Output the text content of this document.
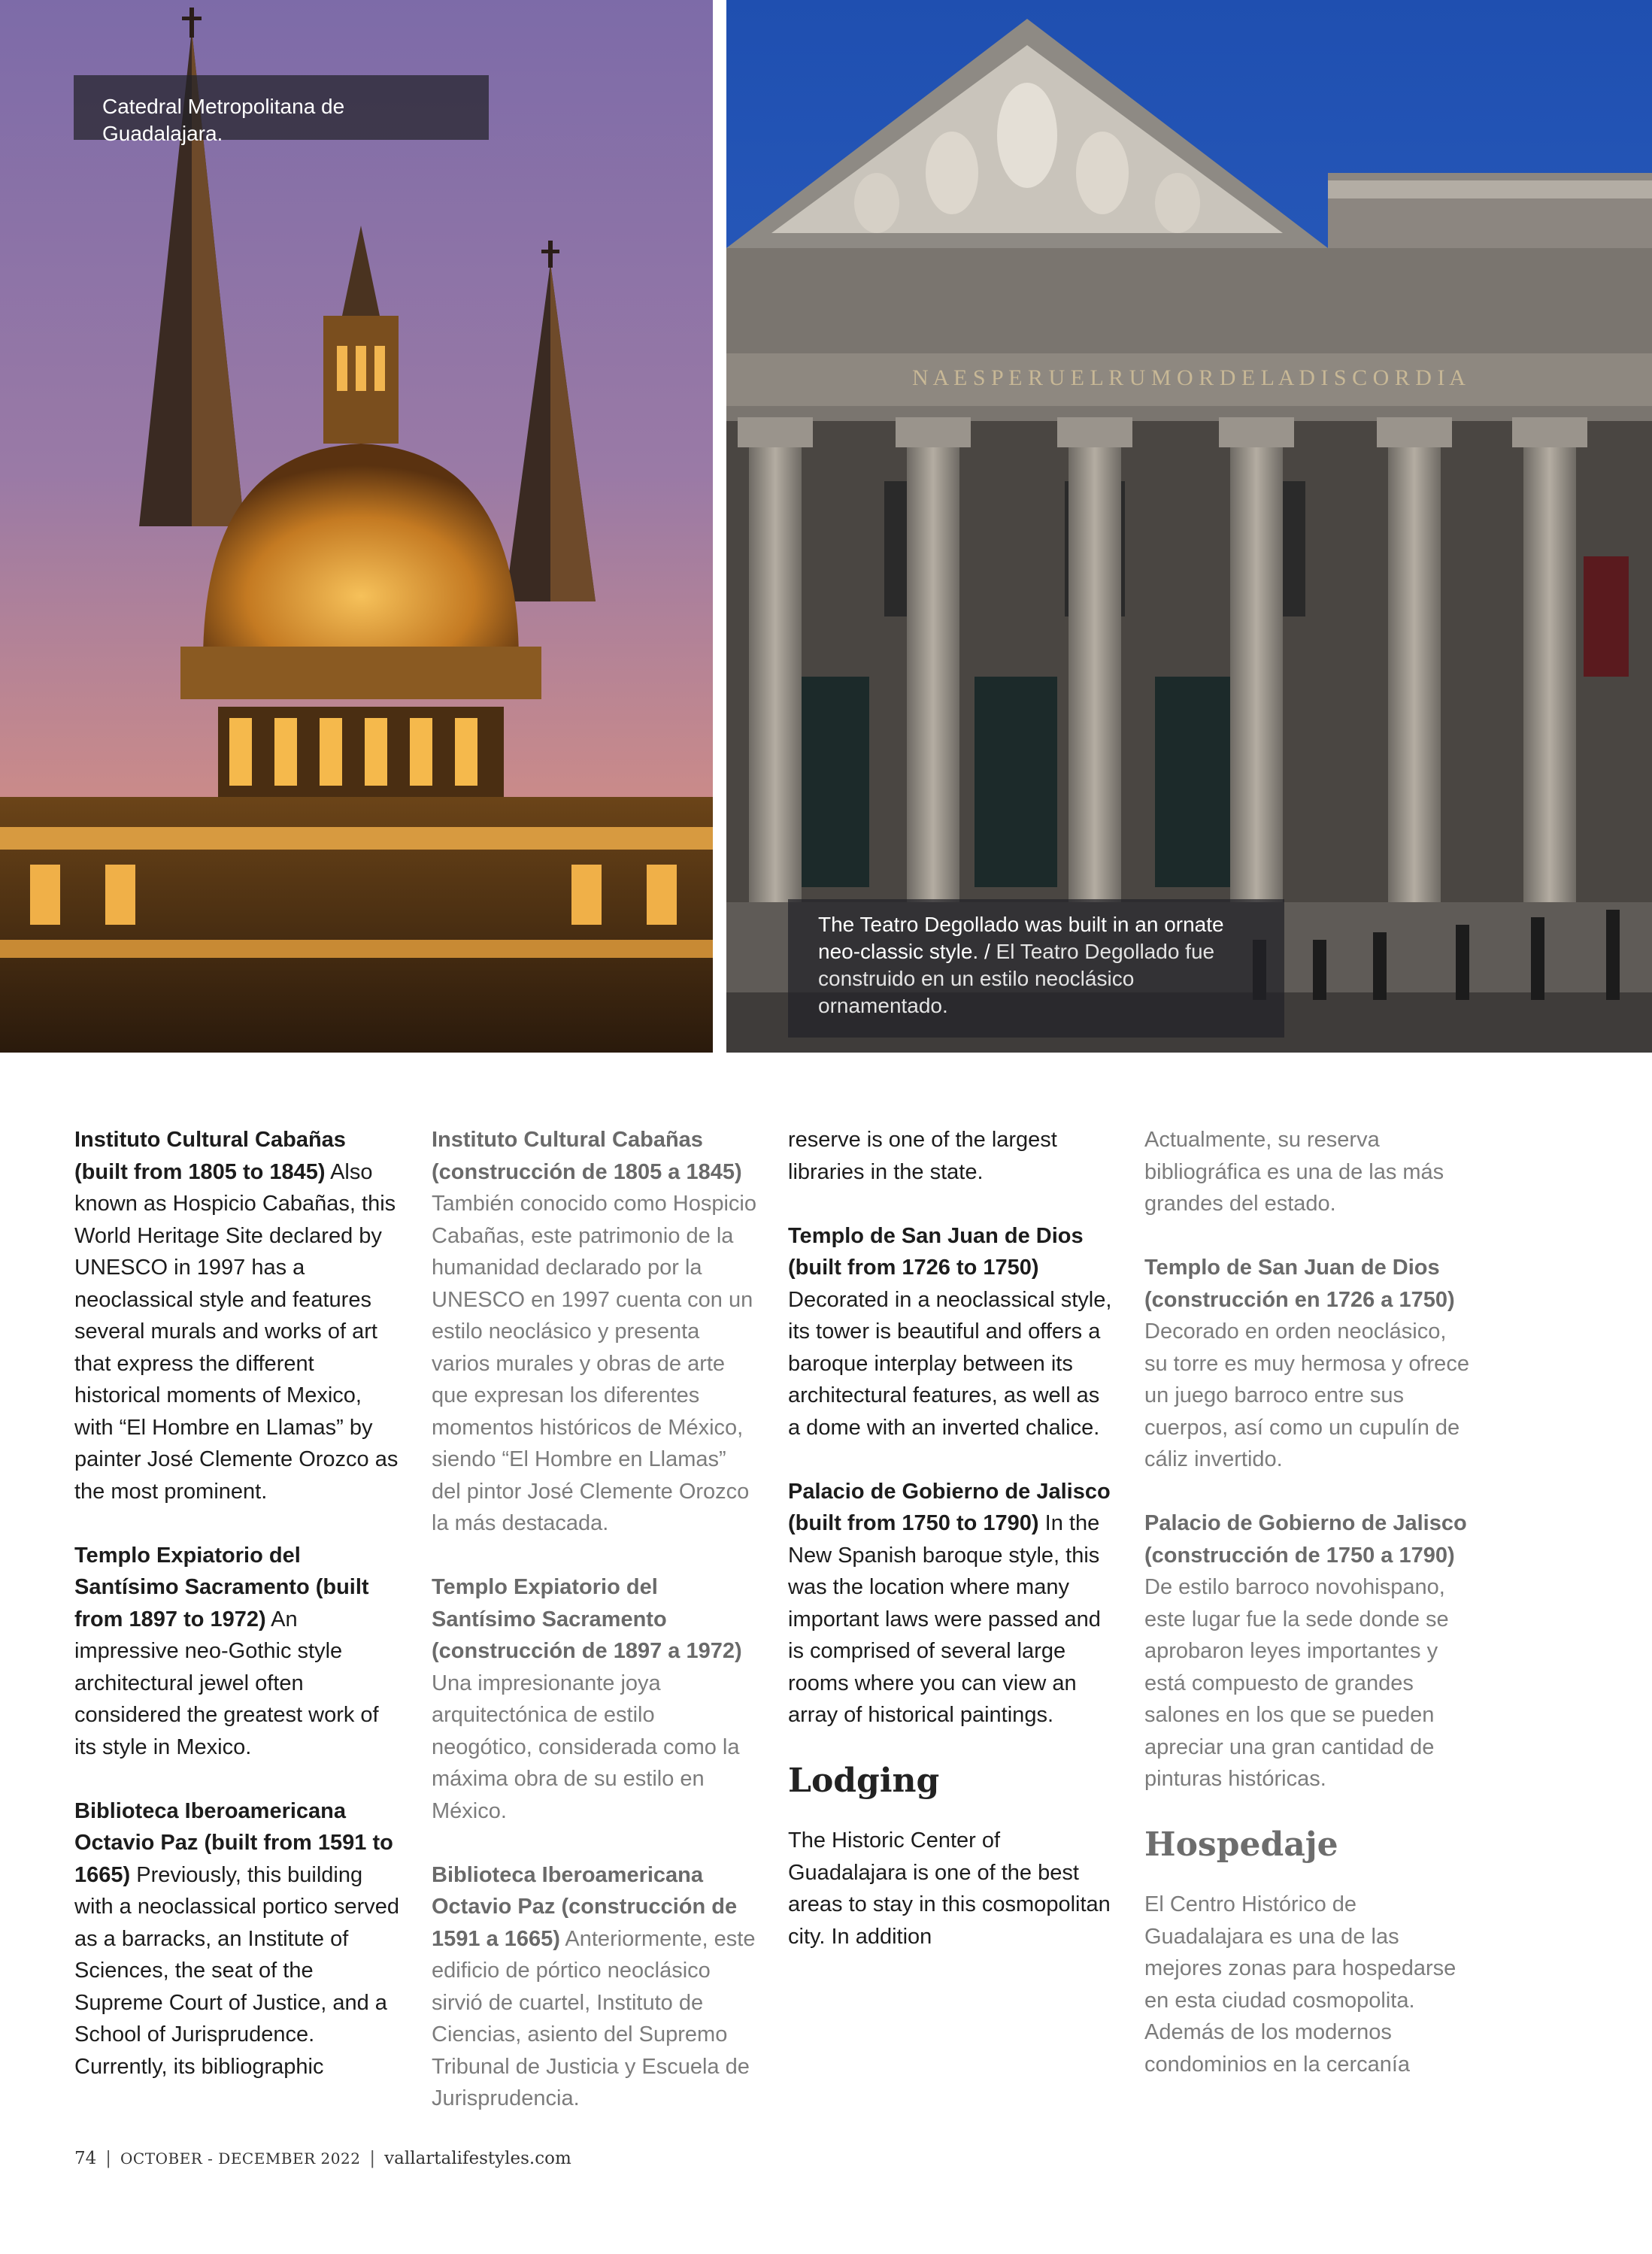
N A E S P E R U E L R U M O R D E L A D I S C O R D I A
Catedral Metropolitana de Guadalajara.
The Teatro Degollado was built in an ornate neo-classic style. / El Teatro Degollado fue construido en un estilo neoclásico ornamentado.

Instituto Cultural Cabañas (built from 1805 to 1845) Also known as Hospicio Cabañas, this World Heritage Site declared by UNESCO in 1997 has a neoclassical style and features several murals and works of art that express the different historical moments of Mexico, with “El Hombre en Llamas” by painter José Clemente Orozco as the most prominent.

Templo Expiatorio del Santísimo Sacramento (built from 1897 to 1972) An impressive neo-Gothic style architectural jewel often considered the greatest work of its style in Mexico.

Biblioteca Iberoamericana Octavio Paz (built from 1591 to 1665) Previously, this building with a neoclassical portico served as a barracks, an Institute of Sciences, the seat of the Supreme Court of Justice, and a School of Jurisprudence. Currently, its bibliographic

Instituto Cultural Cabañas (construcción de 1805 a 1845) También conocido como Hospicio Cabañas, este patrimonio de la humanidad declarado por la UNESCO en 1997 cuenta con un estilo neoclásico y presenta varios murales y obras de arte que expresan los diferentes momentos históricos de México, siendo “El Hombre en Llamas” del pintor José Clemente Orozco la más destacada.

Templo Expiatorio del Santísimo Sacramento (construcción de 1897 a 1972) Una impresionante joya arquitectónica de estilo neogótico, considerada como la máxima obra de su estilo en México.

Biblioteca Iberoamericana Octavio Paz (construcción de 1591 a 1665) Anteriormente, este edificio de pórtico neoclásico sirvió de cuartel, Instituto de Ciencias, asiento del Supremo Tribunal de Justicia y Escuela de Jurisprudencia.

reserve is one of the largest libraries in the state.

Templo de San Juan de Dios (built from 1726 to 1750) Decorated in a neoclassical style, its tower is beautiful and offers a baroque interplay between its architectural features, as well as a dome with an inverted chalice.

Palacio de Gobierno de Jalisco (built from 1750 to 1790) In the New Spanish baroque style, this was the location where many important laws were passed and is comprised of several large rooms where you can view an array of historical paintings.

Lodging

The Historic Center of Guadalajara is one of the best areas to stay in this cosmopolitan city. In addition

Actualmente, su reserva bibliográfica es una de las más grandes del estado.

Templo de San Juan de Dios (construcción en 1726 a 1750) Decorado en orden neoclásico, su torre es muy hermosa y ofrece un juego barroco entre sus cuerpos, así como un cupulín de cáliz invertido.

Palacio de Gobierno de Jalisco (construcción de 1750 a 1790) De estilo barroco novohispano, este lugar fue la sede donde se aprobaron leyes importantes y está compuesto de grandes salones en los que se pueden apreciar una gran cantidad de pinturas históricas.

Hospedaje

El Centro Histórico de Guadalajara es una de las mejores zonas para hospedarse en esta ciudad cosmopolita. Además de los modernos condominios en la cercanía

74 | OCTOBER - DECEMBER 2022 | vallartalifestyles.com
